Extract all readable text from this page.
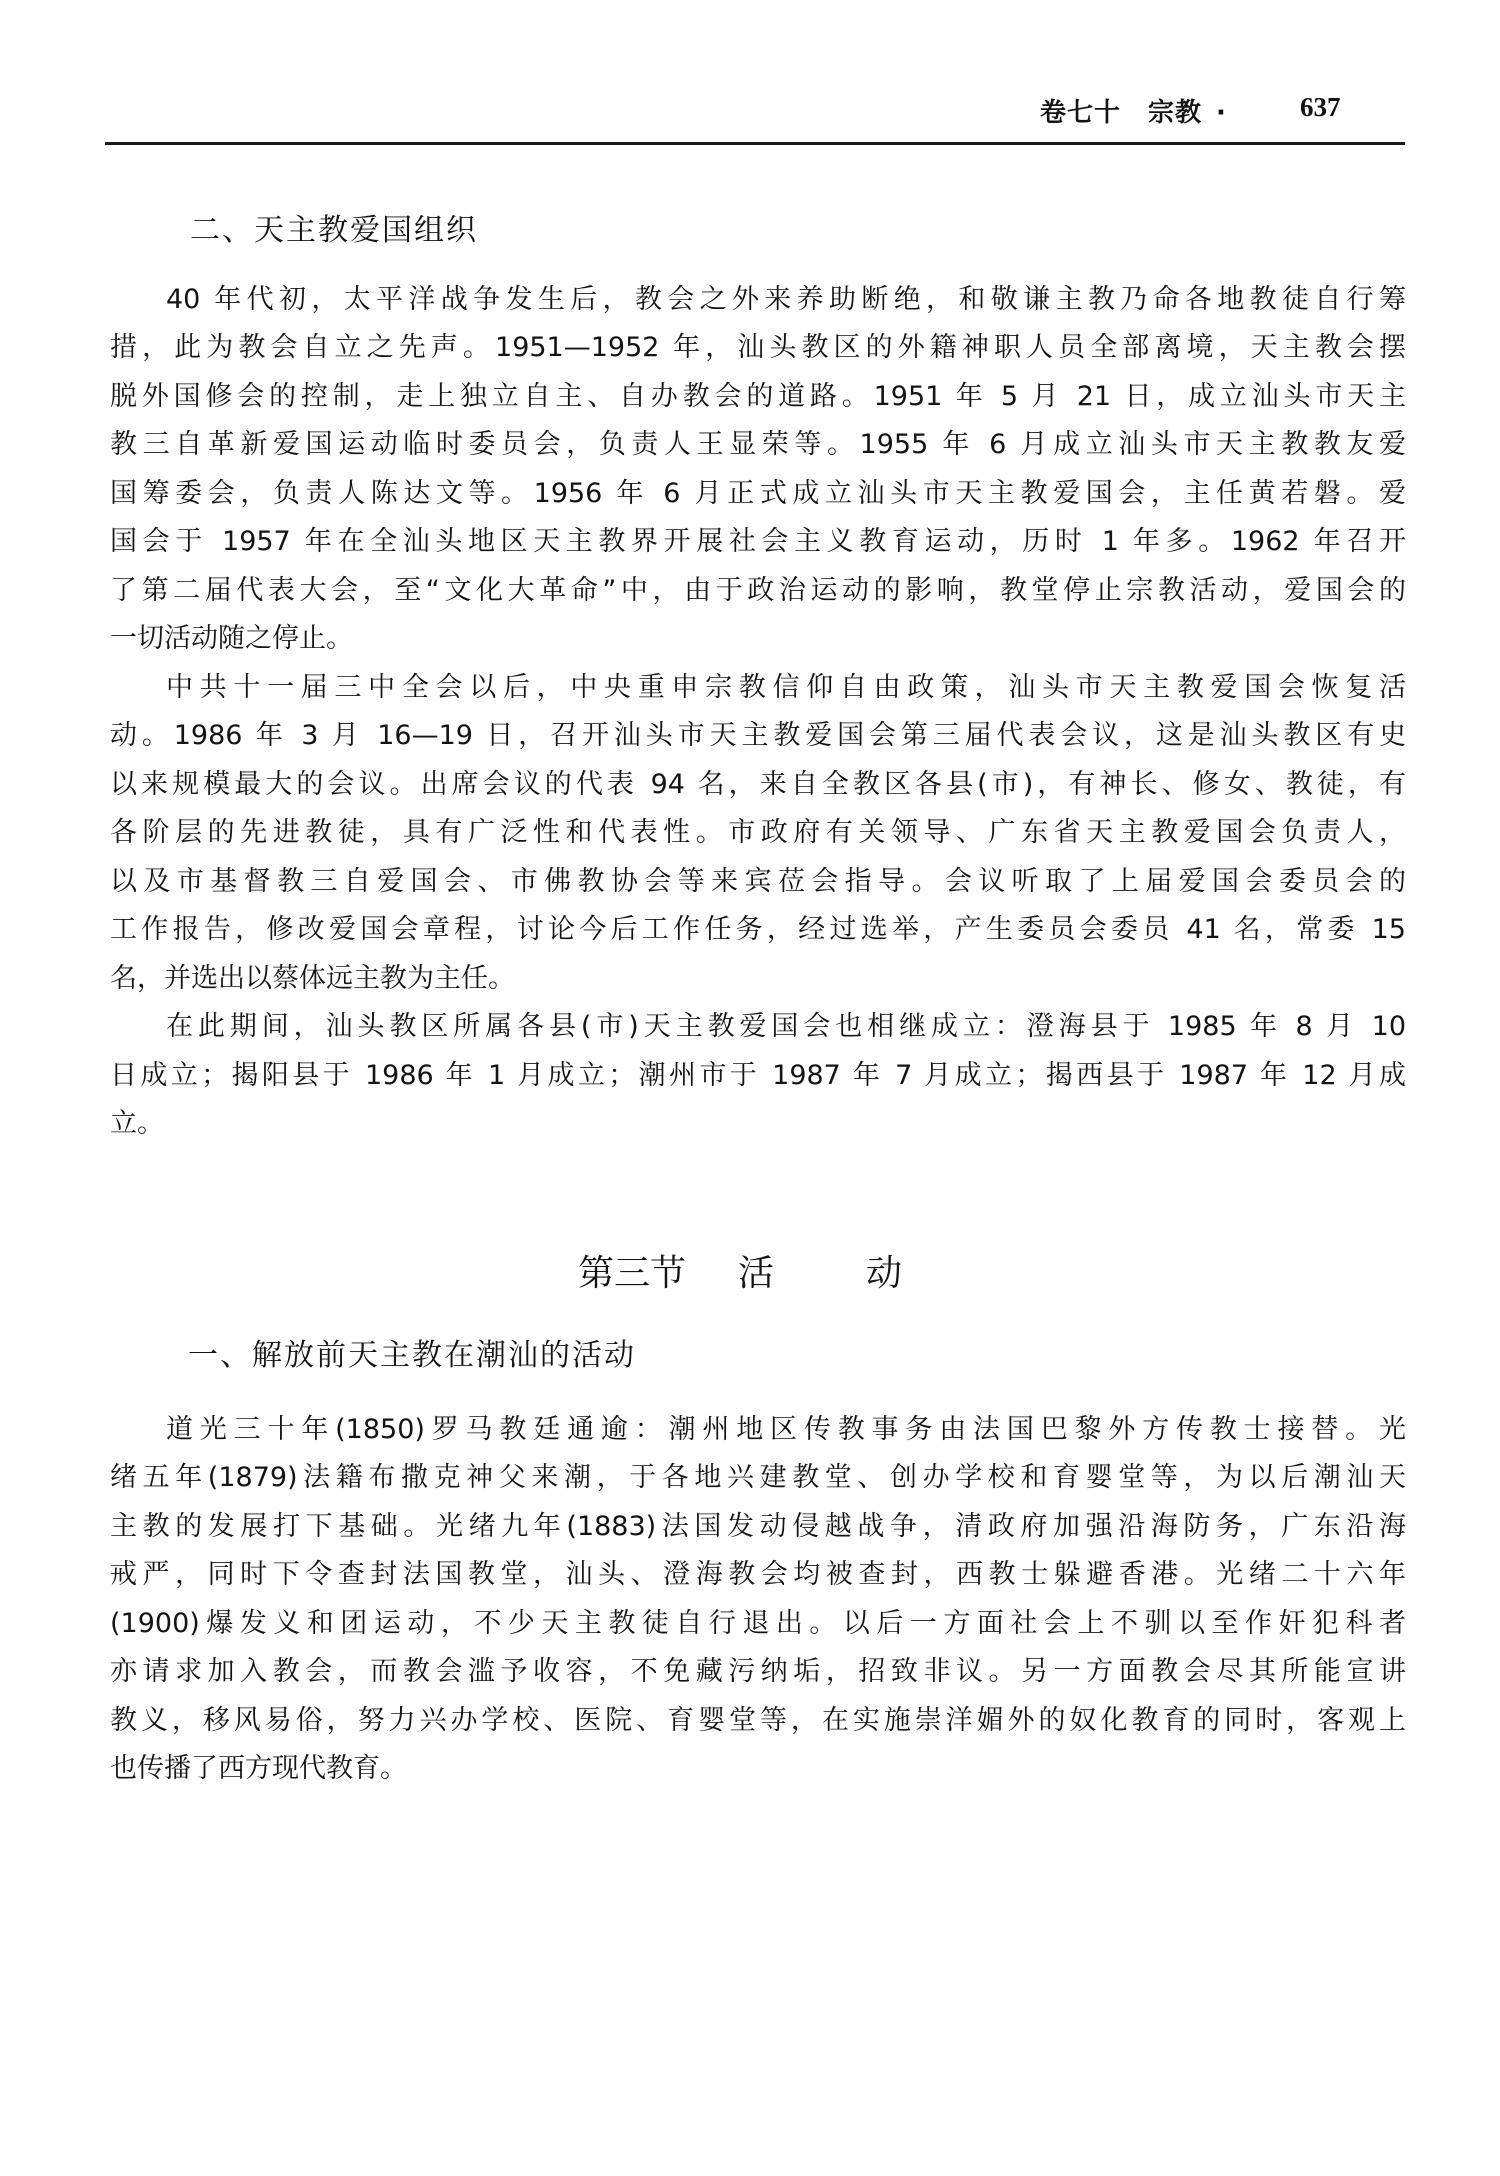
卷七十　宗教 ·	637
二、天主教爱国组织
40 年代初，太平洋战争发生后，教会之外来养助断绝，和敬谦主教乃命各地教徒自行筹
措，此为教会自立之先声。1951—1952 年，汕头教区的外籍神职人员全部离境，天主教会摆
脱外国修会的控制，走上独立自主、自办教会的道路。1951 年 5 月 21 日，成立汕头市天主
教三自革新爱国运动临时委员会，负责人王显荣等。1955 年 6 月成立汕头市天主教教友爱
国筹委会，负责人陈达文等。1956 年 6 月正式成立汕头市天主教爱国会，主任黄若磐。爱
国会于 1957 年在全汕头地区天主教界开展社会主义教育运动，历时 1 年多。1962 年召开
了第二届代表大会，至“文化大革命”中，由于政治运动的影响，教堂停止宗教活动，爱国会的
一切活动随之停止。
中共十一届三中全会以后，中央重申宗教信仰自由政策，汕头市天主教爱国会恢复活
动。1986 年 3 月 16—19 日，召开汕头市天主教爱国会第三届代表会议，这是汕头教区有史
以来规模最大的会议。出席会议的代表 94 名，来自全教区各县(市)，有神长、修女、教徒，有
各阶层的先进教徒，具有广泛性和代表性。市政府有关领导、广东省天主教爱国会负责人，
以及市基督教三自爱国会、市佛教协会等来宾莅会指导。会议听取了上届爱国会委员会的
工作报告，修改爱国会章程，讨论今后工作任务，经过选举，产生委员会委员 41 名，常委 15
名，并选出以蔡体远主教为主任。
在此期间，汕头教区所属各县(市)天主教爱国会也相继成立：澄海县于 1985 年 8 月 10
日成立；揭阳县于 1986 年 1 月成立；潮州市于 1987 年 7 月成立；揭西县于 1987 年 12 月成
立。
第三节 活	动
一、解放前天主教在潮汕的活动
道光三十年(1850)罗马教廷通逾：潮州地区传教事务由法国巴黎外方传教士接替。光
绪五年(1879)法籍布撒克神父来潮，于各地兴建教堂、创办学校和育婴堂等，为以后潮汕天
主教的发展打下基础。光绪九年(1883)法国发动侵越战争，清政府加强沿海防务，广东沿海
戒严，同时下令查封法国教堂，汕头、澄海教会均被查封，西教士躲避香港。光绪二十六年
(1900)爆发义和团运动，不少天主教徒自行退出。以后一方面社会上不驯以至作奸犯科者
亦请求加入教会，而教会滥予收容，不免藏污纳垢，招致非议。另一方面教会尽其所能宣讲
教义，移风易俗，努力兴办学校、医院、育婴堂等，在实施崇洋媚外的奴化教育的同时，客观上
也传播了西方现代教育。
